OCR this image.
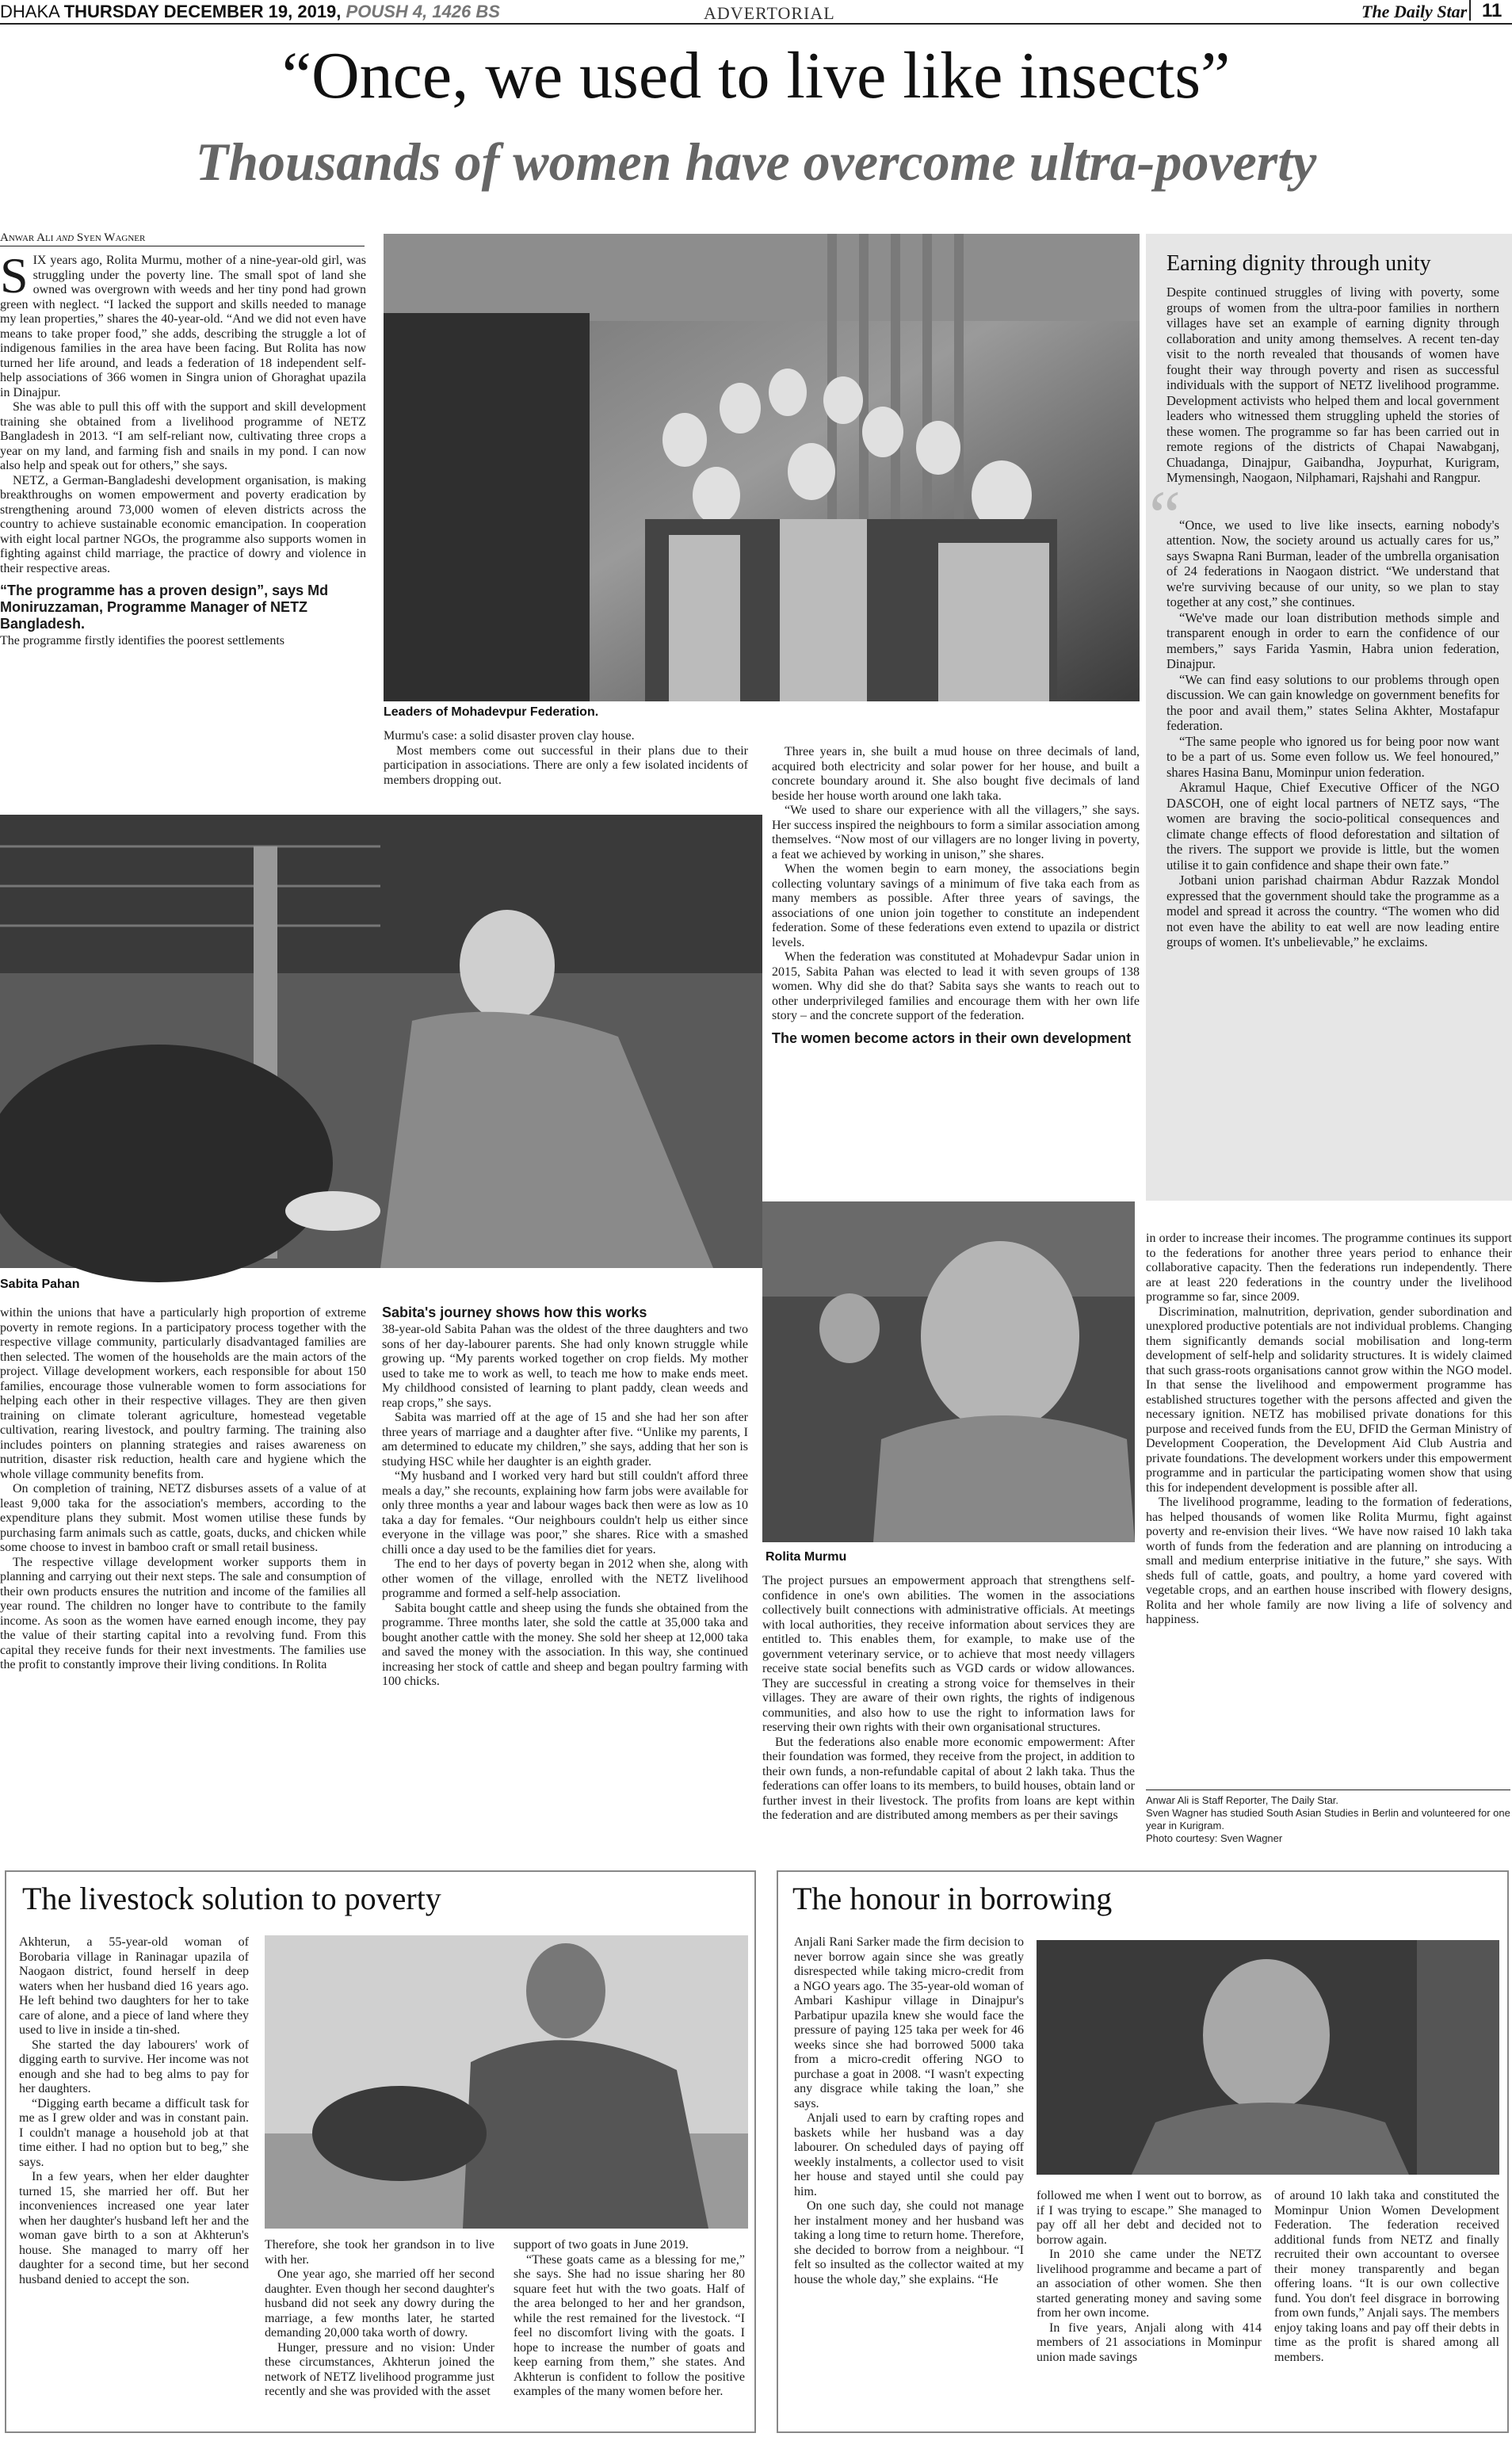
DHAKA THURSDAY DECEMBER 19, 2019, POUSH 4, 1426 BS	ADVERTORIAL	The Daily Star 11
“Once, we used to live like insects”
Thousands of women have overcome ultra-poverty
Anwar Ali and Syen Wagner

SIX years ago, Rolita Murmu, mother of a nine-year-old girl, was struggling under the poverty line. The small spot of land she owned was overgrown with weeds and her tiny pond had grown green with neglect. “I lacked the support and skills needed to manage my lean properties,” shares the 40-year-old. “And we did not even have means to take proper food,” she adds, describing the struggle a lot of indigenous families in the area have been facing. But Rolita has now turned her life around, and leads a federation of 18 independent self-help associations of 366 women in Singra union of Ghoraghat upazila in Dinajpur.

She was able to pull this off with the support and skill development training she obtained from a livelihood programme of NETZ Bangladesh in 2013. “I am self-reliant now, cultivating three crops a year on my land, and farming fish and snails in my pond. I can now also help and speak out for others,” she says.

NETZ, a German-Bangladeshi development organisation, is making breakthroughs on women empowerment and poverty eradication by strengthening around 73,000 women of eleven districts across the country to achieve sustainable economic emancipation. In cooperation with eight local partner NGOs, the programme also supports women in fighting against child marriage, the practice of dowry and violence in their respective areas.

“The programme has a proven design”, says Md Moniruzzaman, Programme Manager of NETZ Bangladesh.

The programme firstly identifies the poorest settlements

Leaders of Mohadevpur Federation.

Murmu's case: a solid disaster proven clay house.

Most members come out successful in their plans due to their participation in associations. There are only a few isolated incidents of members dropping out.

Sabita Pahan

Three years in, she built a mud house on three decimals of land, acquired both electricity and solar power for her house, and built a concrete boundary around it. She also bought five decimals of land beside her house worth around one lakh taka.

“We used to share our experience with all the villagers,” she says. Her success inspired the neighbours to form a similar association among themselves. “Now most of our villagers are no longer living in poverty, a feat we achieved by working in unison,” she shares.

When the women begin to earn money, the associations begin collecting voluntary savings of a minimum of five taka each from as many members as possible. After three years of savings, the associations of one union join together to constitute an independent federation. Some of these federations even extend to upazila or district levels.

When the federation was constituted at Mohadevpur Sadar union in 2015, Sabita Pahan was elected to lead it with seven groups of 138 women. Why did she do that? Sabita says she wants to reach out to other underprivileged families and encourage them with her own life story – and the concrete support of the federation.

The women become actors in their own development
Earning dignity through unity

Despite continued struggles of living with poverty, some groups of women from the ultra-poor families in northern villages have set an example of earning dignity through collaboration and unity among themselves. A recent ten-day visit to the north revealed that thousands of women have fought their way through poverty and risen as successful individuals with the support of NETZ livelihood programme. Development activists who helped them and local government leaders who witnessed them struggling upheld the stories of these women. The programme so far has been carried out in remote regions of the districts of Chapai Nawabganj, Chuadanga, Dinajpur, Gaibandha, Joypurhat, Kurigram, Mymensingh, Naogaon, Nilphamari, Rajshahi and Rangpur.

“

“Once, we used to live like insects, earning nobody's attention. Now, the society around us actually cares for us,” says Swapna Rani Burman, leader of the umbrella organisation of 24 federations in Naogaon district. “We understand that we're surviving because of our unity, so we plan to stay together at any cost,” she continues.

“We've made our loan distribution methods simple and transparent enough in order to earn the confidence of our members,” says Farida Yasmin, Habra union federation, Dinajpur.

“We can find easy solutions to our problems through open discussion. We can gain knowledge on government benefits for the poor and avail them,” states Selina Akhter, Mostafapur federation.

“The same people who ignored us for being poor now want to be a part of us. Some even follow us. We feel honoured,” shares Hasina Banu, Mominpur union federation.

Akramul Haque, Chief Executive Officer of the NGO DASCOH, one of eight local partners of NETZ says, “The women are braving the socio-political consequences and climate change effects of flood deforestation and siltation of the rivers. The support we provide is little, but the women utilise it to gain confidence and shape their own fate.”

Jotbani union parishad chairman Abdur Razzak Mondol expressed that the government should take the programme as a model and spread it across the country. “The women who did not even have the ability to eat well are now leading entire groups of women. It's unbelievable,” he exclaims.

Rolita Murmu

within the unions that have a particularly high proportion of extreme poverty in remote regions. In a participatory process together with the respective village community, particularly disadvantaged families are then selected. The women of the households are the main actors of the project. Village development workers, each responsible for about 150 families, encourage those vulnerable women to form associations for helping each other in their respective villages. They are then given training on climate tolerant agriculture, homestead vegetable cultivation, rearing livestock, and poultry farming. The training also includes pointers on planning strategies and raises awareness on nutrition, disaster risk reduction, health care and hygiene which the whole village community benefits from.

On completion of training, NETZ disburses assets of a value of at least 9,000 taka for the association's members, according to the expenditure plans they submit. Most women utilise these funds by purchasing farm animals such as cattle, goats, ducks, and chicken while some choose to invest in bamboo craft or small retail business.

The respective village development worker supports them in planning and carrying out their next steps. The sale and consumption of their own products ensures the nutrition and income of the families all year round. The children no longer have to contribute to the family income. As soon as the women have earned enough income, they pay the value of their starting capital into a revolving fund. From this capital they receive funds for their next investments. The families use the profit to constantly improve their living conditions. In Rolita

Sabita's journey shows how this works

38-year-old Sabita Pahan was the oldest of the three daughters and two sons of her day-labourer parents. She had only known struggle while growing up. “My parents worked together on crop fields. My mother used to take me to work as well, to teach me how to make ends meet. My childhood consisted of learning to plant paddy, clean weeds and reap crops,” she says.

Sabita was married off at the age of 15 and she had her son after three years of marriage and a daughter after five. “Unlike my parents, I am determined to educate my children,” she says, adding that her son is studying HSC while her daughter is an eighth grader.

“My husband and I worked very hard but still couldn't afford three meals a day,” she recounts, explaining how farm jobs were available for only three months a year and labour wages back then were as low as 10 taka a day for females. “Our neighbours couldn't help us either since everyone in the village was poor,” she shares. Rice with a smashed chilli once a day used to be the families diet for years.

The end to her days of poverty began in 2012 when she, along with other women of the village, enrolled with the NETZ livelihood programme and formed a self-help association.

Sabita bought cattle and sheep using the funds she obtained from the programme. Three months later, she sold the cattle at 35,000 taka and bought another cattle with the money. She sold her sheep at 12,000 taka and saved the money with the association. In this way, she continued increasing her stock of cattle and sheep and began poultry farming with 100 chicks.

The project pursues an empowerment approach that strengthens self-confidence in one's own abilities. The women in the associations collectively built connections with administrative officials. At meetings with local authorities, they receive information about services they are entitled to. This enables them, for example, to make use of the government veterinary service, or to achieve that most needy villagers receive state social benefits such as VGD cards or widow allowances. They are successful in creating a strong voice for themselves in their villages. They are aware of their own rights, the rights of indigenous communities, and also how to use the right to information laws for reserving their own rights with their own organisational structures.

But the federations also enable more economic empowerment: After their foundation was formed, they receive from the project, in addition to their own funds, a non-refundable capital of about 2 lakh taka. Thus the federations can offer loans to its members, to build houses, obtain land or further invest in their livestock. The profits from loans are kept within the federation and are distributed among members as per their savings

in order to increase their incomes. The programme continues its support to the federations for another three years period to enhance their collaborative capacity. Then the federations run independently. There are at least 220 federations in the country under the livelihood programme so far, since 2009.

Discrimination, malnutrition, deprivation, gender subordination and unexplored productive potentials are not individual problems. Changing them significantly demands social mobilisation and long-term development of self-help and solidarity structures. It is widely claimed that such grass-roots organisations cannot grow within the NGO model. In that sense the livelihood and empowerment programme has established structures together with the persons affected and given the necessary ignition. NETZ has mobilised private donations for this purpose and received funds from the EU, DFID the German Ministry of Development Cooperation, the Development Aid Club Austria and private foundations. The development workers under this empowerment programme and in particular the participating women show that using this for independent development is possible after all.

The livelihood programme, leading to the formation of federations, has helped thousands of women like Rolita Murmu, fight against poverty and re-envision their lives. “We have now raised 10 lakh taka worth of funds from the federation and are planning on introducing a small and medium enterprise initiative in the future,” she says. With sheds full of cattle, goats, and poultry, a home yard covered with vegetable crops, and an earthen house inscribed with flowery designs, Rolita and her whole family are now living a life of solvency and happiness.

Anwar Ali is Staff Reporter, The Daily Star.
Sven Wagner has studied South Asian Studies in Berlin and volunteered for one year in Kurigram.
Photo courtesy: Sven Wagner
The livestock solution to poverty

Akhterun, a 55-year-old woman of Borobaria village in Raninagar upazila of Naogaon district, found herself in deep waters when her husband died 16 years ago. He left behind two daughters for her to take care of alone, and a piece of land where they used to live in inside a tin-shed.

She started the day labourers' work of digging earth to survive. Her income was not enough and she had to beg alms to pay for her daughters.

“Digging earth became a difficult task for me as I grew older and was in constant pain. I couldn't manage a household job at that time either. I had no option but to beg,” she says.

In a few years, when her elder daughter turned 15, she married her off. But her inconveniences increased one year later when her daughter's husband left her and the woman gave birth to a son at Akhterun's house. She managed to marry off her daughter for a second time, but her second husband denied to accept the son.

Therefore, she took her grandson in to live with her.

One year ago, she married off her second daughter. Even though her second daughter's husband did not seek any dowry during the marriage, a few months later, he started demanding 20,000 taka worth of dowry.

Hunger, pressure and no vision: Under these circumstances, Akhterun joined the network of NETZ livelihood programme just recently and she was provided with the asset

support of two goats in June 2019.

“These goats came as a blessing for me,” she says. She had no issue sharing her 80 square feet hut with the two goats. Half of the area belonged to her and her grandson, while the rest remained for the livestock. “I feel no discomfort living with the goats. I hope to increase the number of goats and keep earning from them,” she states. And Akhterun is confident to follow the positive examples of the many women before her.

The honour in borrowing

Anjali Rani Sarker made the firm decision to never borrow again since she was greatly disrespected while taking micro-credit from a NGO years ago. The 35-year-old woman of Ambari Kashipur village in Dinajpur's Parbatipur upazila knew she would face the pressure of paying 125 taka per week for 46 weeks since she had borrowed 5000 taka from a micro-credit offering NGO to purchase a goat in 2008. “I wasn't expecting any disgrace while taking the loan,” she says.

Anjali used to earn by crafting ropes and baskets while her husband was a day labourer. On scheduled days of paying off weekly instalments, a collector used to visit her house and stayed until she could pay him.

On one such day, she could not manage her instalment money and her husband was taking a long time to return home. Therefore, she decided to borrow from a neighbour. “I felt so insulted as the collector waited at my house the whole day,” she explains. “He

followed me when I went out to borrow, as if I was trying to escape.” She managed to pay off all her debt and decided not to borrow again.

In 2010 she came under the NETZ livelihood programme and became a part of an association of other women. She then started generating money and saving some from her own income.

In five years, Anjali along with 414 members of 21 associations in Mominpur union made savings

of around 10 lakh taka and constituted the Mominpur Union Women Development Federation. The federation received additional funds from NETZ and finally recruited their own accountant to oversee their money transparently and began offering loans. “It is our own collective fund. You don't feel disgrace in borrowing from own funds,” Anjali says. The members enjoy taking loans and pay off their debts in time as the profit is shared among all members.
